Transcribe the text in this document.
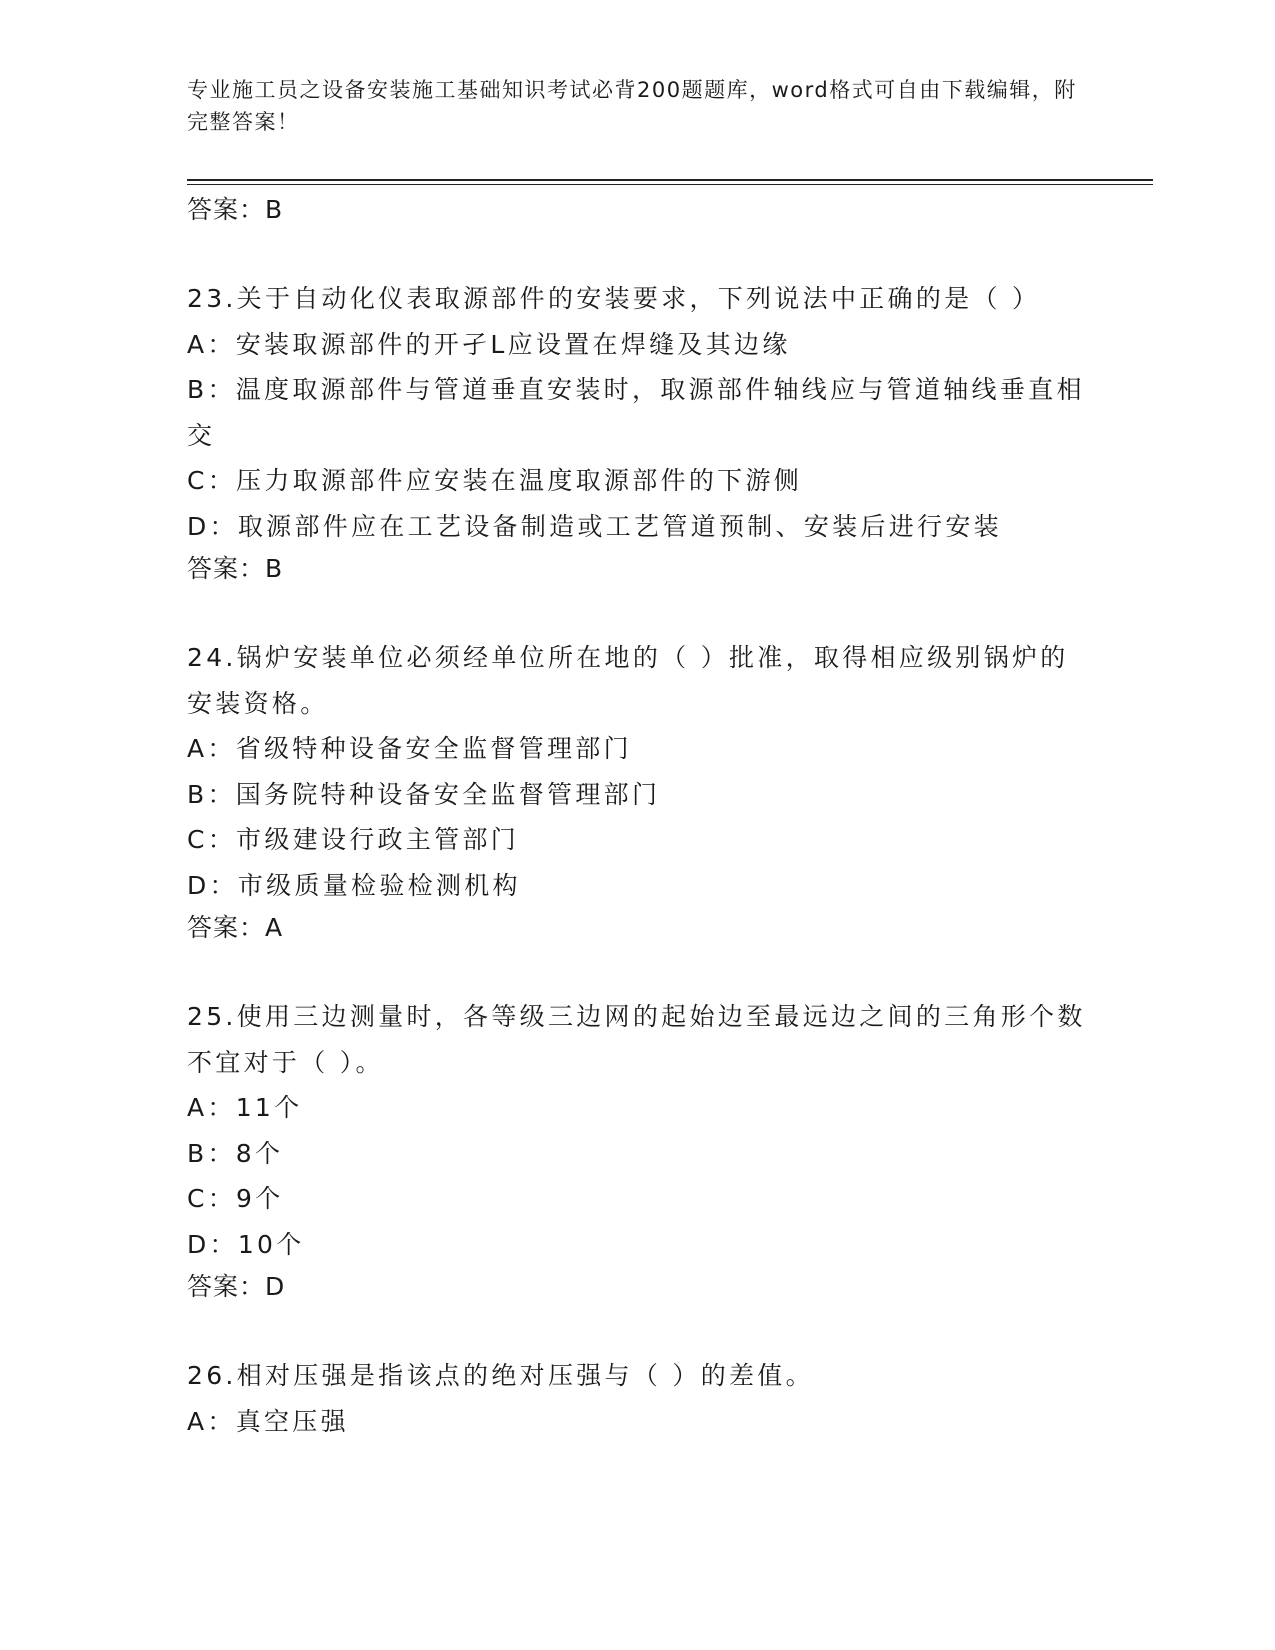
专业施工员之设备安装施工基础知识考试必背200题题库，word格式可自由下载编辑，附完整答案！

答案：B

23.关于自动化仪表取源部件的安装要求，下列说法中正确的是（ ）

A：安装取源部件的开孑L应设置在焊缝及其边缘

B：温度取源部件与管道垂直安装时，取源部件轴线应与管道轴线垂直相交

C：压力取源部件应安装在温度取源部件的下游侧

D：取源部件应在工艺设备制造或工艺管道预制、安装后进行安装

答案：B

24.锅炉安装单位必须经单位所在地的（ ）批准，取得相应级别锅炉的安装资格。

A：省级特种设备安全监督管理部门

B：国务院特种设备安全监督管理部门

C：市级建设行政主管部门

D：市级质量检验检测机构

答案：A

25.使用三边测量时，各等级三边网的起始边至最远边之间的三角形个数不宜对于（ ）。

A：11个

B：8个

C：9个

D：10个

答案：D

26.相对压强是指该点的绝对压强与（ ）的差值。

A：真空压强
